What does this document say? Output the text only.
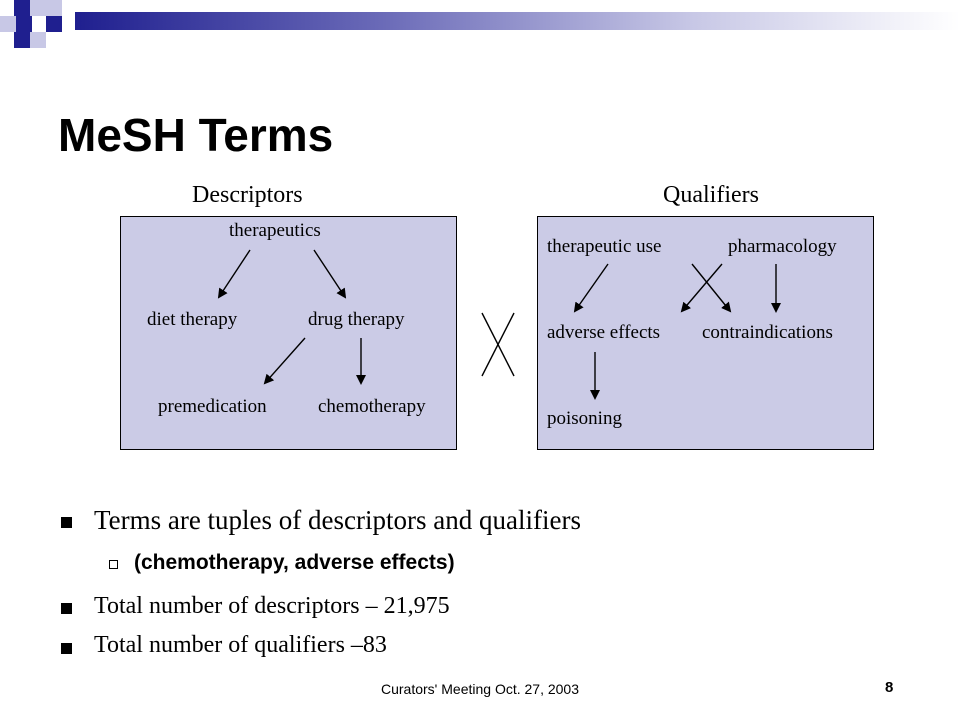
MeSH Terms
Descriptors	Qualifiers
therapeutics
diet therapy	drug therapy
premedication	chemotherapy
therapeutic use	pharmacology
adverse effects contraindications
poisoning
Terms are tuples of descriptors and qualifiers
(chemotherapy, adverse effects)
Total number of descriptors – 21,975
Total number of qualifiers –83
Curators' Meeting Oct. 27, 2003	8
